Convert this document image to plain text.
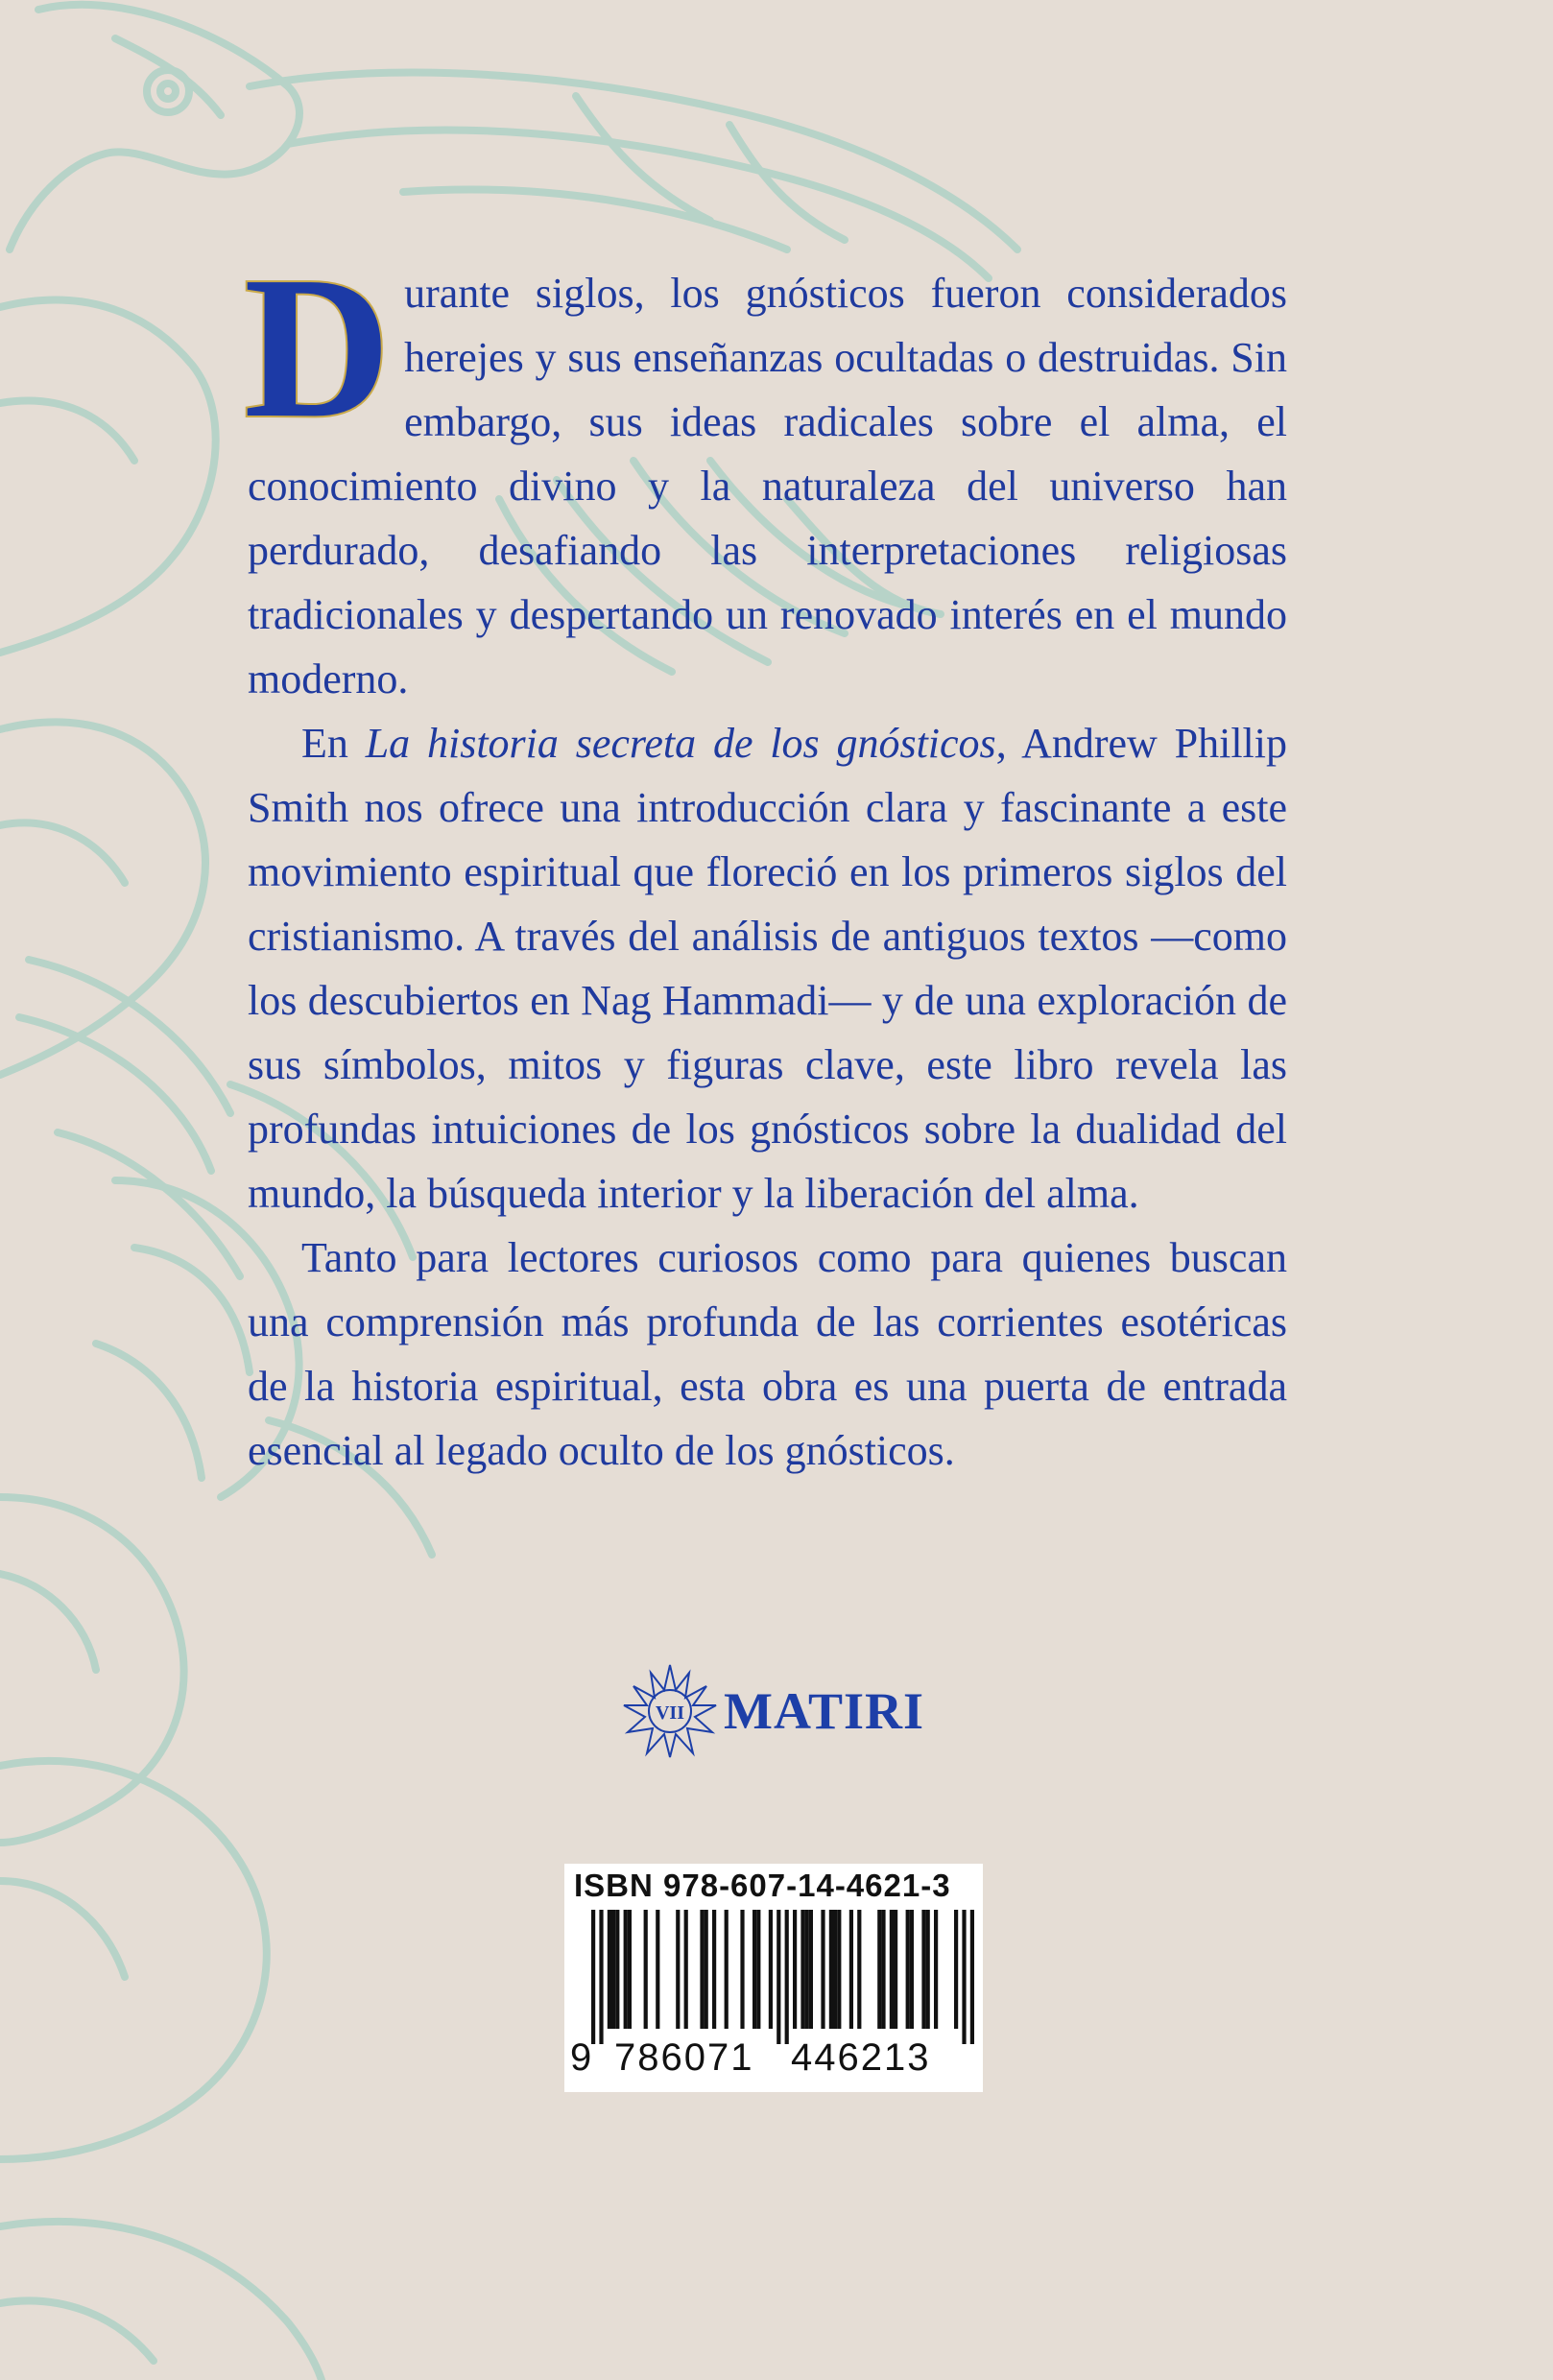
Durante siglos, los gnósticos fueron considerados herejes y sus enseñanzas ocultadas o destruidas. Sin embargo, sus ideas radicales sobre el alma, el conocimiento divino y la naturaleza del universo han perdurado, desafiando las interpretaciones religiosas tradicionales y despertando un renovado interés en el mundo moderno.

En La historia secreta de los gnósticos, Andrew Phillip Smith nos ofrece una introducción clara y fascinante a este movimiento espiritual que floreció en los primeros siglos del cristianismo. A través del análisis de antiguos textos —como los descubiertos en Nag Hammadi— y de una exploración de sus símbolos, mitos y figuras clave, este libro revela las profundas intuiciones de los gnósticos sobre la dualidad del mundo, la búsqueda interior y la liberación del alma.

Tanto para lectores curiosos como para quienes buscan una comprensión más profunda de las corrientes esotéricas de la historia espiritual, esta obra es una puerta de entrada esencial al legado oculto de los gnósticos.

VII MATIRI
ISBN 978-607-14-4621-3
9 786071 446213
